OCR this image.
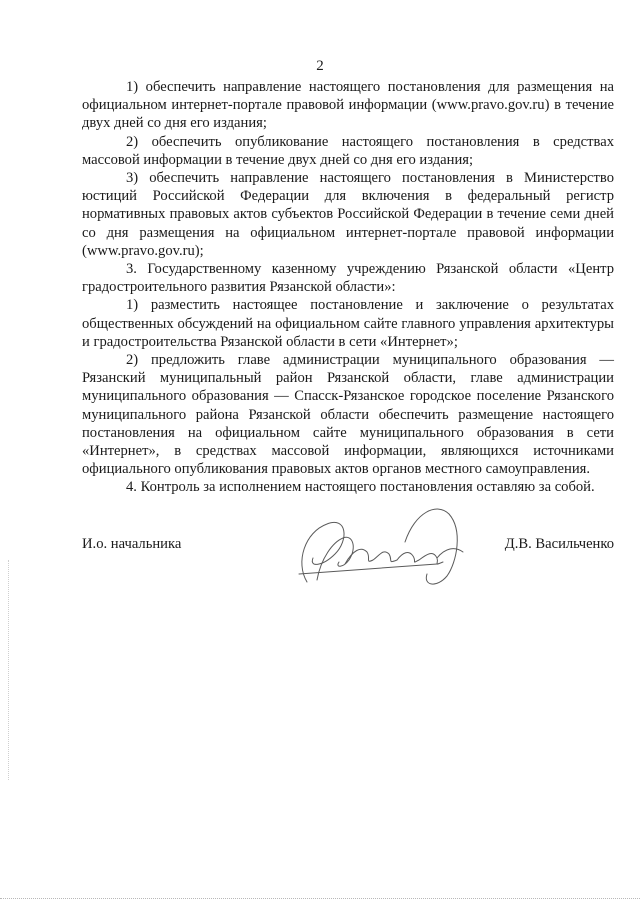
2

1) обеспечить направление настоящего постановления для размещения на официальном интернет-портале правовой информации (www.pravo.gov.ru) в течение двух дней со дня его издания;

2) обеспечить опубликование настоящего постановления в средствах массовой информации в течение двух дней со дня его издания;

3) обеспечить направление настоящего постановления в Министерство юстиций Российской Федерации для включения в федеральный регистр нормативных правовых актов субъектов Российской Федерации в течение семи дней со дня размещения на официальном интернет-портале правовой информации (www.pravo.gov.ru);

3. Государственному казенному учреждению Рязанской области «Центр градостроительного развития Рязанской области»:

1) разместить настоящее постановление и заключение о результатах общественных обсуждений на официальном сайте главного управления архитектуры и градостроительства Рязанской области в сети «Интернет»;

2) предложить главе администрации муниципального образования — Рязанский муниципальный район Рязанской области, главе администрации муниципального образования — Спасск-Рязанское городское поселение Рязанского муниципального района Рязанской области обеспечить размещение настоящего постановления на официальном сайте муниципального образования в сети «Интернет», в средствах массовой информации, являющихся источниками официального опубликования правовых актов органов местного самоуправления.

4. Контроль за исполнением настоящего постановления оставляю за собой.

И.о. начальника	Д.В. Васильченко
